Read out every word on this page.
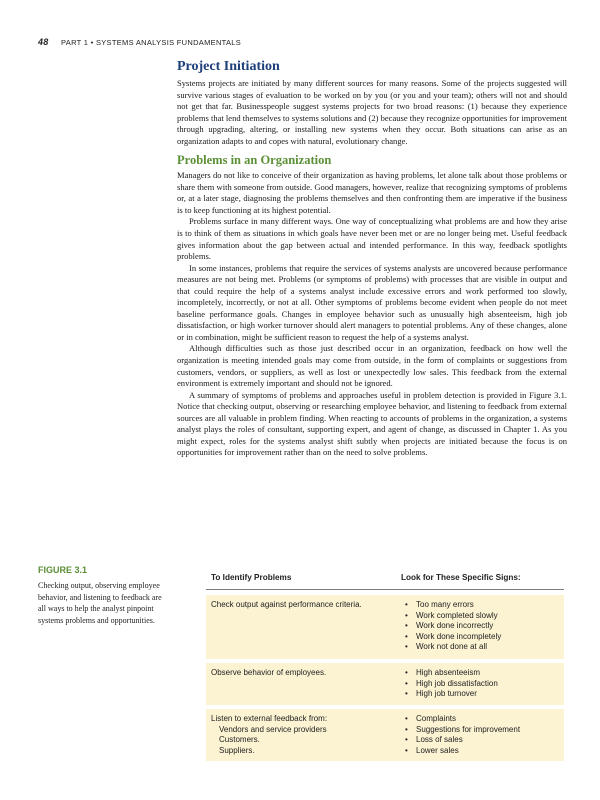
48 PART 1 • SYSTEMS ANALYSIS FUNDAMENTALS
Project Initiation

Systems projects are initiated by many different sources for many reasons. Some of the projects suggested will survive various stages of evaluation to be worked on by you (or you and your team); others will not and should not get that far. Businesspeople suggest systems projects for two broad reasons: (1) because they experience problems that lend themselves to systems solutions and (2) because they recognize opportunities for improvement through upgrading, altering, or installing new systems when they occur. Both situations can arise as an organization adapts to and copes with natural, evolutionary change.

Problems in an Organization

Managers do not like to conceive of their organization as having problems, let alone talk about those problems or share them with someone from outside. Good managers, however, realize that recognizing symptoms of problems or, at a later stage, diagnosing the problems themselves and then confronting them are imperative if the business is to keep functioning at its highest potential.

Problems surface in many different ways. One way of conceptualizing what problems are and how they arise is to think of them as situations in which goals have never been met or are no longer being met. Useful feedback gives information about the gap between actual and intended performance. In this way, feedback spotlights problems.

In some instances, problems that require the services of systems analysts are uncovered because performance measures are not being met. Problems (or symptoms of problems) with processes that are visible in output and that could require the help of a systems analyst include excessive errors and work performed too slowly, incompletely, incorrectly, or not at all. Other symptoms of problems become evident when people do not meet baseline performance goals. Changes in employee behavior such as unusually high absenteeism, high job dissatisfaction, or high worker turnover should alert managers to potential problems. Any of these changes, alone or in combination, might be sufficient reason to request the help of a systems analyst.

Although difficulties such as those just described occur in an organization, feedback on how well the organization is meeting intended goals may come from outside, in the form of complaints or suggestions from customers, vendors, or suppliers, as well as lost or unexpectedly low sales. This feedback from the external environment is extremely important and should not be ignored.

A summary of symptoms of problems and approaches useful in problem detection is provided in Figure 3.1. Notice that checking output, observing or researching employee behavior, and listening to feedback from external sources are all valuable in problem finding. When reacting to accounts of problems in the organization, a systems analyst plays the roles of consultant, supporting expert, and agent of change, as discussed in Chapter 1. As you might expect, roles for the systems analyst shift subtly when projects are initiated because the focus is on opportunities for improvement rather than on the need to solve problems.

FIGURE 3.1
Checking output, observing employee behavior, and listening to feedback are all ways to help the analyst pinpoint systems problems and opportunities.
To Identify Problems	Look for These Specific Signs:
Check output against performance criteria.	• Too many errors
• Work completed slowly
• Work done incorrectly
• Work done incompletely
• Work not done at all
Observe behavior of employees.	• High absenteeism
• High job dissatisfaction
• High job turnover
Listen to external feedback from:
Vendors and service providers
Customers.
Suppliers.
• Complaints
• Suggestions for improvement
• Loss of sales
• Lower sales
